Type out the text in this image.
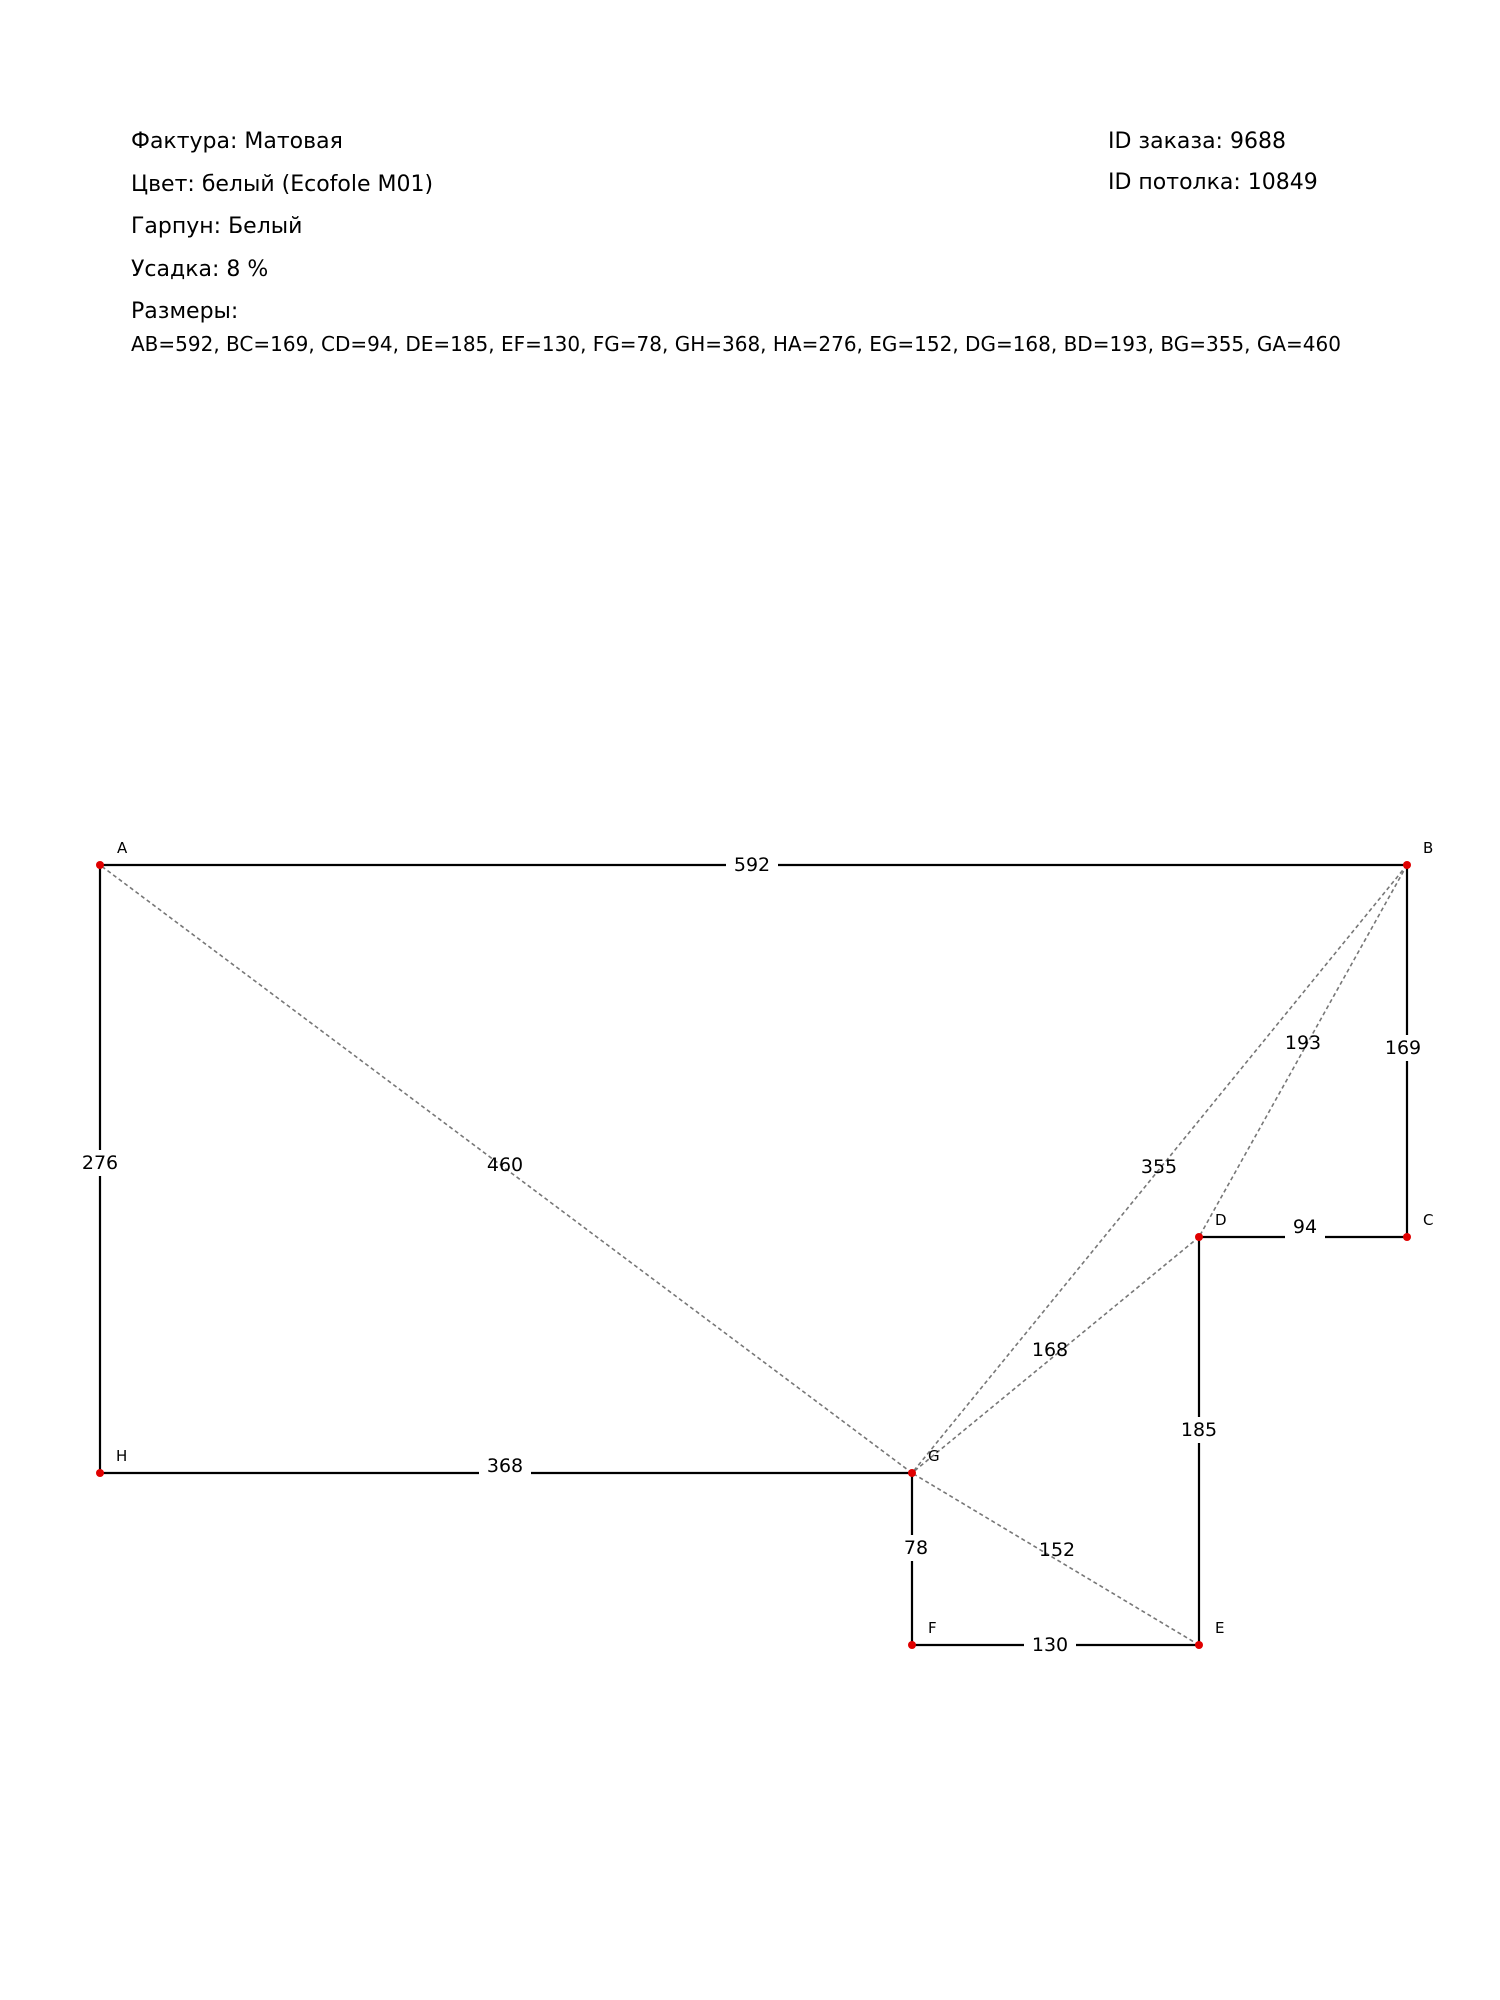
Фактура: Матовая
Цвет: белый (Ecofole M01)
Гарпун: Белый
Усадка: 8 %
Размеры:
AB=592, BC=169, CD=94, DE=185, EF=130, FG=78, GH=368, HA=276, EG=152, DG=168, BD=193, BG=355, GA=460
ID заказа: 9688
ID потолка: 10849
152
168
193
355
460
592
169
94
185
130
78
368
276
A	B
C
D
E
F
G
H
